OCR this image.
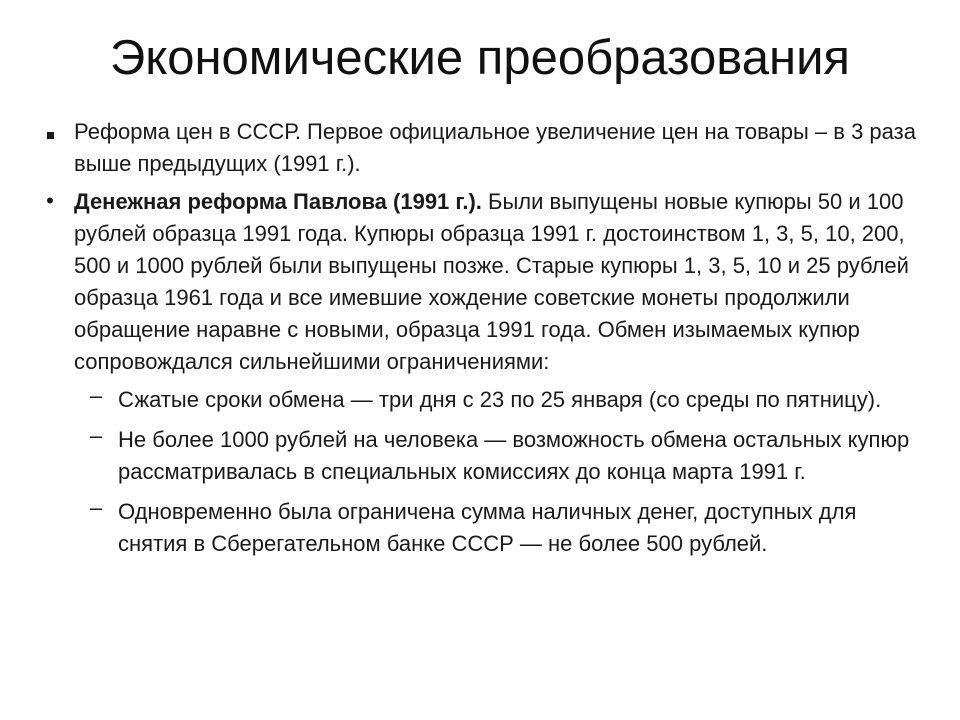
Экономические преобразования
Реформа цен в СССР. Первое официальное увеличение цен на товары – в 3 раза выше предыдущих (1991 г.).
• Денежная реформа Павлова (1991 г.). Были выпущены новые купюры 50 и 100 рублей образца 1991 года. Купюры образца 1991 г. достоинством 1, 3, 5, 10, 200, 500 и 1000 рублей были выпущены позже. Старые купюры 1, 3, 5, 10 и 25 рублей образца 1961 года и все имевшие хождение советские монеты продолжили обращение наравне с новыми, образца 1991 года. Обмен изымаемых купюр сопровождался сильнейшими ограничениями:
– Сжатые сроки обмена — три дня с 23 по 25 января (со среды по пятницу).
– Не более 1000 рублей на человека — возможность обмена остальных купюр рассматривалась в специальных комиссиях до конца марта 1991 г.
– Одновременно была ограничена сумма наличных денег, доступных для снятия в Сберегательном банке СССР — не более 500 рублей.
